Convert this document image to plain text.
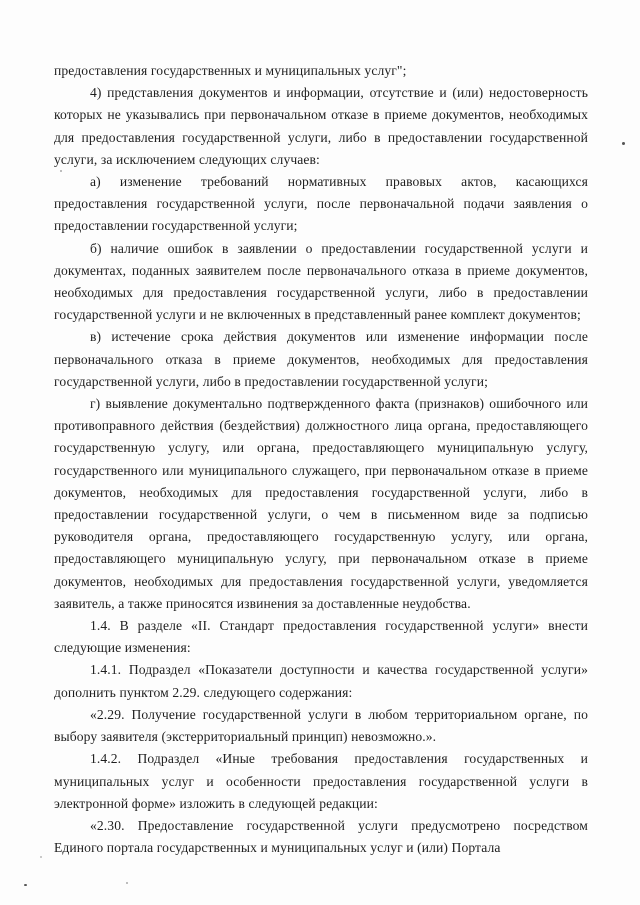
предоставления государственных и муниципальных услуг";

4) представления документов и информации, отсутствие и (или) недостоверность которых не указывались при первоначальном отказе в приеме документов, необходимых для предоставления государственной услуги, либо в предоставлении государственной услуги, за исключением следующих случаев:

а) изменение требований нормативных правовых актов, касающихся предоставления государственной услуги, после первоначальной подачи заявления о предоставлении государственной услуги;

б) наличие ошибок в заявлении о предоставлении государственной услуги и документах, поданных заявителем после первоначального отказа в приеме документов, необходимых для предоставления государственной услуги, либо в предоставлении государственной услуги и не включенных в представленный ранее комплект документов;

в) истечение срока действия документов или изменение информации после первоначального отказа в приеме документов, необходимых для предоставления государственной услуги, либо в предоставлении государственной услуги;

г) выявление документально подтвержденного факта (признаков) ошибочного или противоправного действия (бездействия) должностного лица органа, предоставляющего государственную услугу, или органа, предоставляющего муниципальную услугу, государственного или муниципального служащего, при первоначальном отказе в приеме документов, необходимых для предоставления государственной услуги, либо в предоставлении государственной услуги, о чем в письменном виде за подписью руководителя органа, предоставляющего государственную услугу, или органа, предоставляющего муниципальную услугу, при первоначальном отказе в приеме документов, необходимых для предоставления государственной услуги, уведомляется заявитель, а также приносятся извинения за доставленные неудобства.

1.4. В разделе «II. Стандарт предоставления государственной услуги» внести следующие изменения:

1.4.1. Подраздел «Показатели доступности и качества государственной услуги» дополнить пунктом 2.29. следующего содержания:

«2.29. Получение государственной услуги в любом территориальном органе, по выбору заявителя (экстерриториальный принцип) невозможно.».

1.4.2. Подраздел «Иные требования предоставления государственных и муниципальных услуг и особенности предоставления государственной услуги в электронной форме» изложить в следующей редакции:

«2.30. Предоставление государственной услуги предусмотрено посредством Единого портала государственных и муниципальных услуг и (или) Портала
